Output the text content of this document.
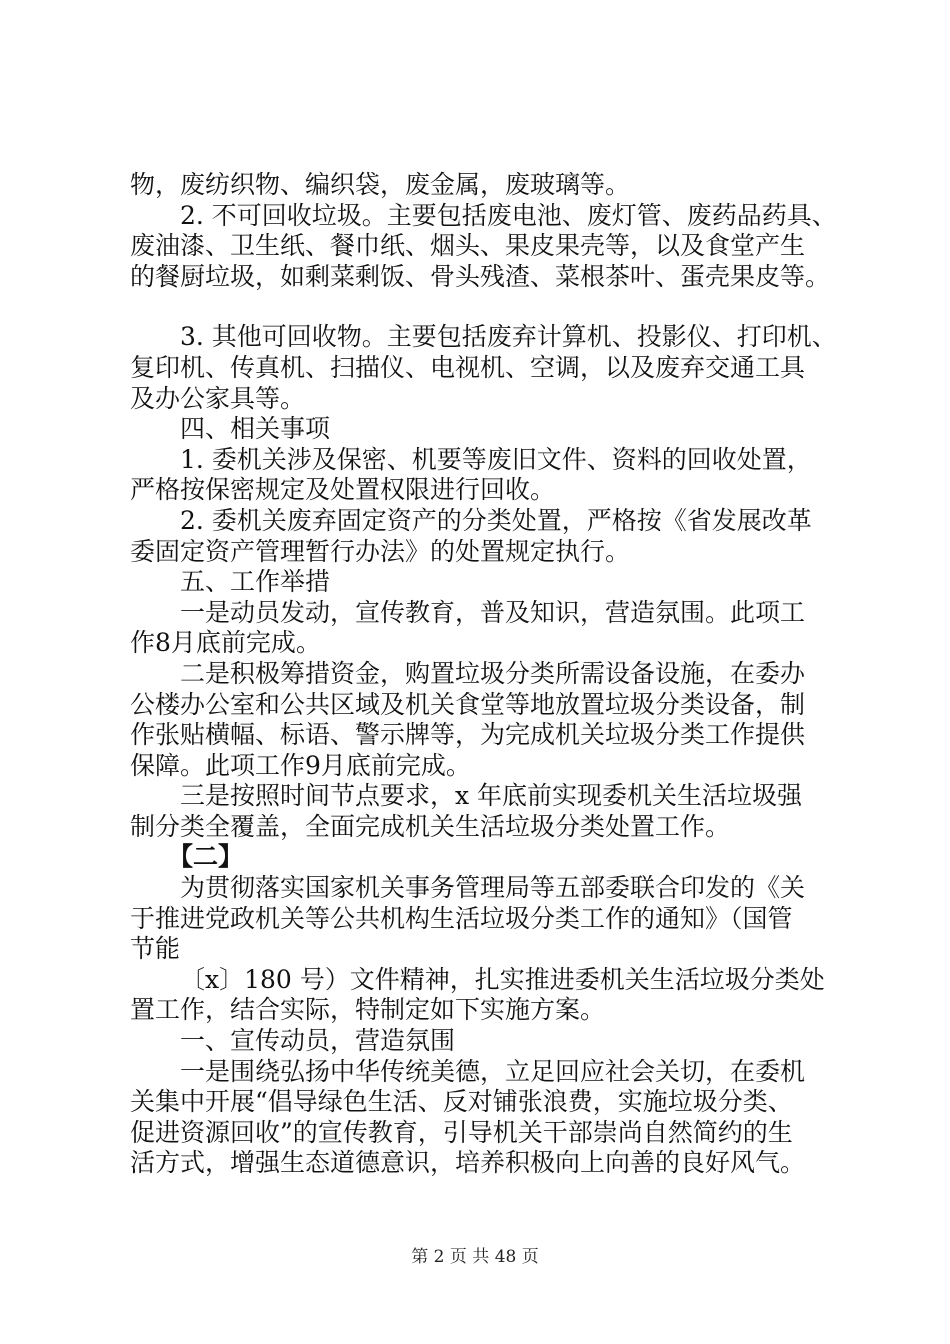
物，废纺织物、编织袋，废金属，废玻璃等。
2. 不可回收垃圾。主要包括废电池、废灯管、废药品药具、
废油漆、卫生纸、餐巾纸、烟头、果皮果壳等，以及食堂产生
的餐厨垃圾，如剩菜剩饭、骨头残渣、菜根茶叶、蛋壳果皮等。
3. 其他可回收物。主要包括废弃计算机、投影仪、打印机、
复印机、传真机、扫描仪、电视机、空调，以及废弃交通工具
及办公家具等。
四、相关事项
1. 委机关涉及保密、机要等废旧文件、资料的回收处置，
严格按保密规定及处置权限进行回收。
2. 委机关废弃固定资产的分类处置，严格按《省发展改革
委固定资产管理暂行办法》的处置规定执行。
五、工作举措
一是动员发动，宣传教育，普及知识，营造氛围。此项工
作8月底前完成。
二是积极筹措资金，购置垃圾分类所需设备设施，在委办
公楼办公室和公共区域及机关食堂等地放置垃圾分类设备，制
作张贴横幅、标语、警示牌等，为完成机关垃圾分类工作提供
保障。此项工作9月底前完成。
三是按照时间节点要求，x 年底前实现委机关生活垃圾强
制分类全覆盖，全面完成机关生活垃圾分类处置工作。
【二】
为贯彻落实国家机关事务管理局等五部委联合印发的《关
于推进党政机关等公共机构生活垃圾分类工作的通知》（国管
节能
〔x〕180 号）文件精神，扎实推进委机关生活垃圾分类处
置工作，结合实际，特制定如下实施方案。
一、宣传动员，营造氛围
一是围绕弘扬中华传统美德，立足回应社会关切，在委机
关集中开展“倡导绿色生活、反对铺张浪费，实施垃圾分类、
促进资源回收”的宣传教育，引导机关干部崇尚自然简约的生
活方式，增强生态道德意识，培养积极向上向善的良好风气。
第 2 页 共 48 页
